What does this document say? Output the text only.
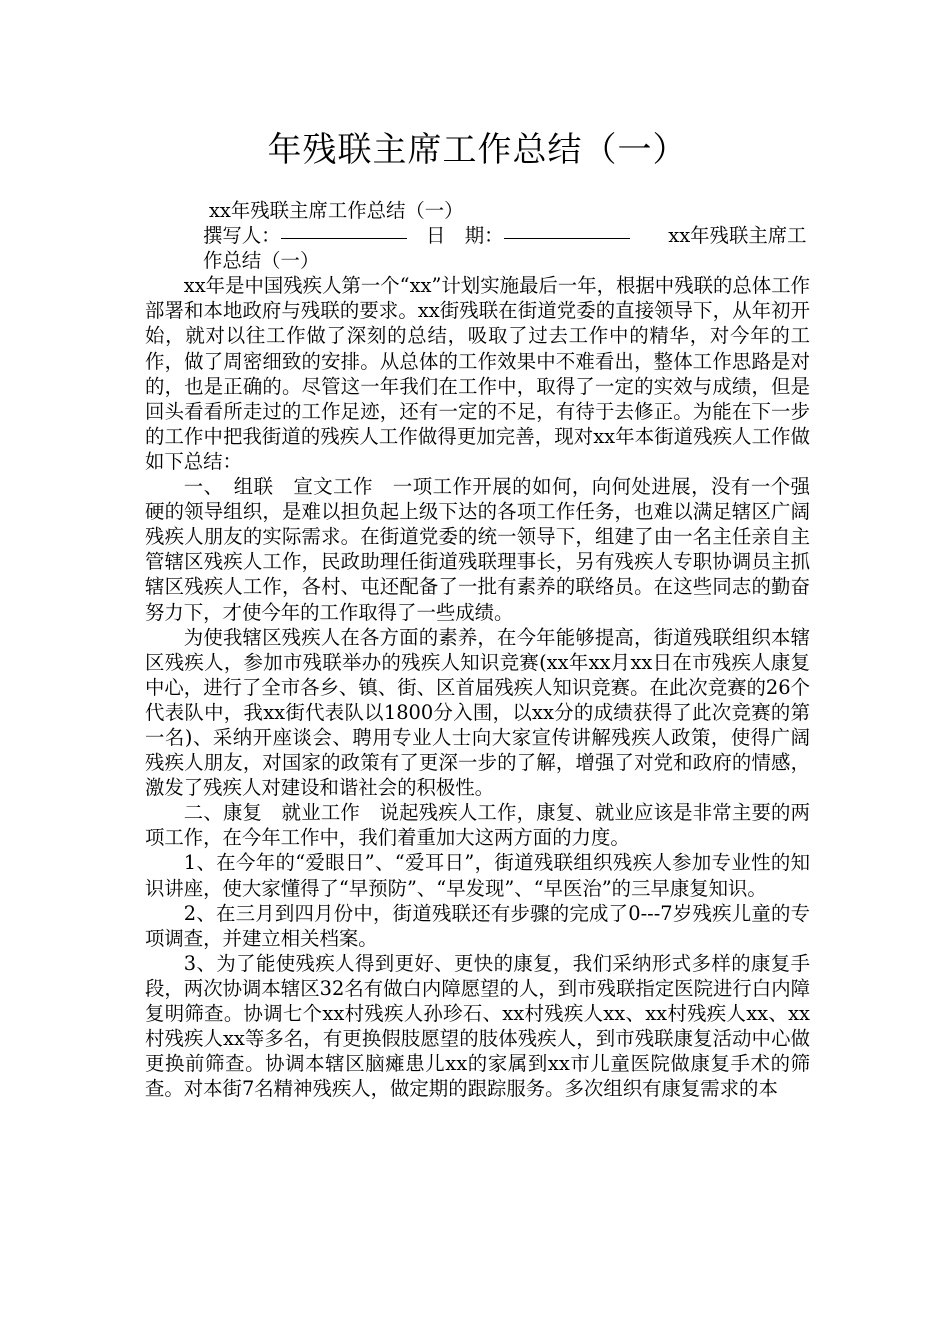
年残联主席工作总结（一）

xx年残联主席工作总结（一）

撰写人：	日　期：	xx年残联主席工作总结（一）

xx年是中国残疾人第一个“xx”计划实施最后一年，根据中残联的总体工作部署和本地政府与残联的要求。xx街残联在街道党委的直接领导下，从年初开始，就对以往工作做了深刻的总结，吸取了过去工作中的精华，对今年的工作，做了周密细致的安排。从总体的工作效果中不难看出，整体工作思路是对的，也是正确的。尽管这一年我们在工作中，取得了一定的实效与成绩，但是回头看看所走过的工作足迹，还有一定的不足，有待于去修正。为能在下一步的工作中把我街道的残疾人工作做得更加完善，现对xx年本街道残疾人工作做如下总结：

一、　组联　宣文工作　一项工作开展的如何，向何处进展，没有一个强硬的领导组织，是难以担负起上级下达的各项工作任务，也难以满足辖区广阔残疾人朋友的实际需求。在街道党委的统一领导下，组建了由一名主任亲自主管辖区残疾人工作，民政助理任街道残联理事长，另有残疾人专职协调员主抓辖区残疾人工作，各村、屯还配备了一批有素养的联络员。在这些同志的勤奋努力下，才使今年的工作取得了一些成绩。

为使我辖区残疾人在各方面的素养，在今年能够提高，街道残联组织本辖区残疾人，参加市残联举办的残疾人知识竞赛(xx年xx月xx日在市残疾人康复中心，进行了全市各乡、镇、街、区首届残疾人知识竞赛。在此次竞赛的26个代表队中，我xx街代表队以1800分入围，以xx分的成绩获得了此次竞赛的第一名)、采纳开座谈会、聘用专业人士向大家宣传讲解残疾人政策，使得广阔残疾人朋友，对国家的政策有了更深一步的了解，增强了对党和政府的情感，激发了残疾人对建设和谐社会的积极性。

二、康复　就业工作　说起残疾人工作，康复、就业应该是非常主要的两项工作，在今年工作中，我们着重加大这两方面的力度。

1、在今年的“爱眼日”、“爱耳日”，街道残联组织残疾人参加专业性的知识讲座，使大家懂得了“早预防”、“早发现”、“早医治”的三早康复知识。

2、在三月到四月份中，街道残联还有步骤的完成了0---7岁残疾儿童的专项调查，并建立相关档案。

3、为了能使残疾人得到更好、更快的康复，我们采纳形式多样的康复手段，两次协调本辖区32名有做白内障愿望的人，到市残联指定医院进行白内障复明筛查。协调七个xx村残疾人孙珍石、xx村残疾人xx、xx村残疾人xx、xx村残疾人xx等多名，有更换假肢愿望的肢体残疾人，到市残联康复活动中心做更换前筛查。协调本辖区脑瘫患儿xx的家属到xx市儿童医院做康复手术的筛查。对本街7名精神残疾人，做定期的跟踪服务。多次组织有康复需求的本
